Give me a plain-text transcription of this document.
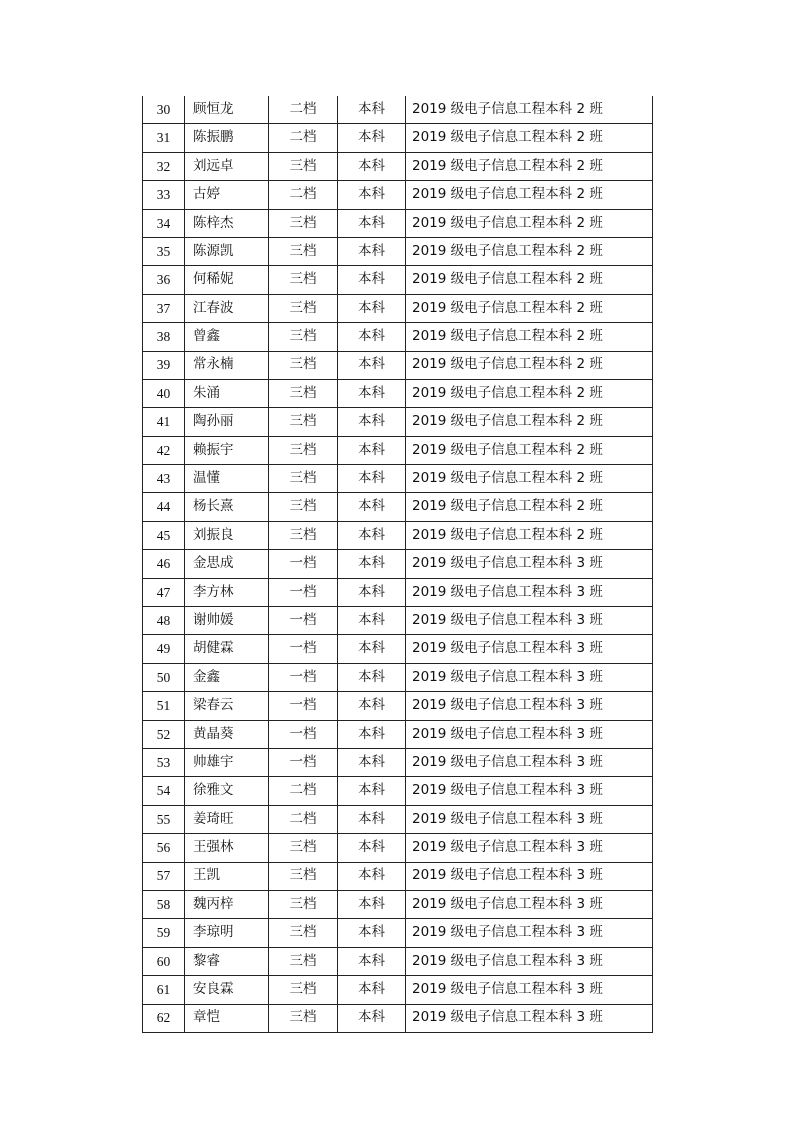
30	顾恒龙	二档	本科	2019 级电子信息工程本科 2 班
31	陈振鹏	二档	本科	2019 级电子信息工程本科 2 班
32	刘远卓	三档	本科	2019 级电子信息工程本科 2 班
33	古婷	二档	本科	2019 级电子信息工程本科 2 班
34	陈梓杰	三档	本科	2019 级电子信息工程本科 2 班
35	陈源凯	三档	本科	2019 级电子信息工程本科 2 班
36	何稀妮	三档	本科	2019 级电子信息工程本科 2 班
37	江春波	三档	本科	2019 级电子信息工程本科 2 班
38	曾鑫	三档	本科	2019 级电子信息工程本科 2 班
39	常永楠	三档	本科	2019 级电子信息工程本科 2 班
40	朱涌	三档	本科	2019 级电子信息工程本科 2 班
41	陶孙丽	三档	本科	2019 级电子信息工程本科 2 班
42	赖振宇	三档	本科	2019 级电子信息工程本科 2 班
43	温懂	三档	本科	2019 级电子信息工程本科 2 班
44	杨长熹	三档	本科	2019 级电子信息工程本科 2 班
45	刘振良	三档	本科	2019 级电子信息工程本科 2 班
46	金思成	一档	本科	2019 级电子信息工程本科 3 班
47	李方林	一档	本科	2019 级电子信息工程本科 3 班
48	谢帅媛	一档	本科	2019 级电子信息工程本科 3 班
49	胡健霖	一档	本科	2019 级电子信息工程本科 3 班
50	金鑫	一档	本科	2019 级电子信息工程本科 3 班
51	梁春云	一档	本科	2019 级电子信息工程本科 3 班
52	黄晶葵	一档	本科	2019 级电子信息工程本科 3 班
53	帅雄宇	一档	本科	2019 级电子信息工程本科 3 班
54	徐雅文	二档	本科	2019 级电子信息工程本科 3 班
55	姜琦旺	二档	本科	2019 级电子信息工程本科 3 班
56	王强林	三档	本科	2019 级电子信息工程本科 3 班
57	王凯	三档	本科	2019 级电子信息工程本科 3 班
58	魏丙梓	三档	本科	2019 级电子信息工程本科 3 班
59	李琼明	三档	本科	2019 级电子信息工程本科 3 班
60	黎睿	三档	本科	2019 级电子信息工程本科 3 班
61	安良霖	三档	本科	2019 级电子信息工程本科 3 班
62	章恺	三档	本科	2019 级电子信息工程本科 3 班
